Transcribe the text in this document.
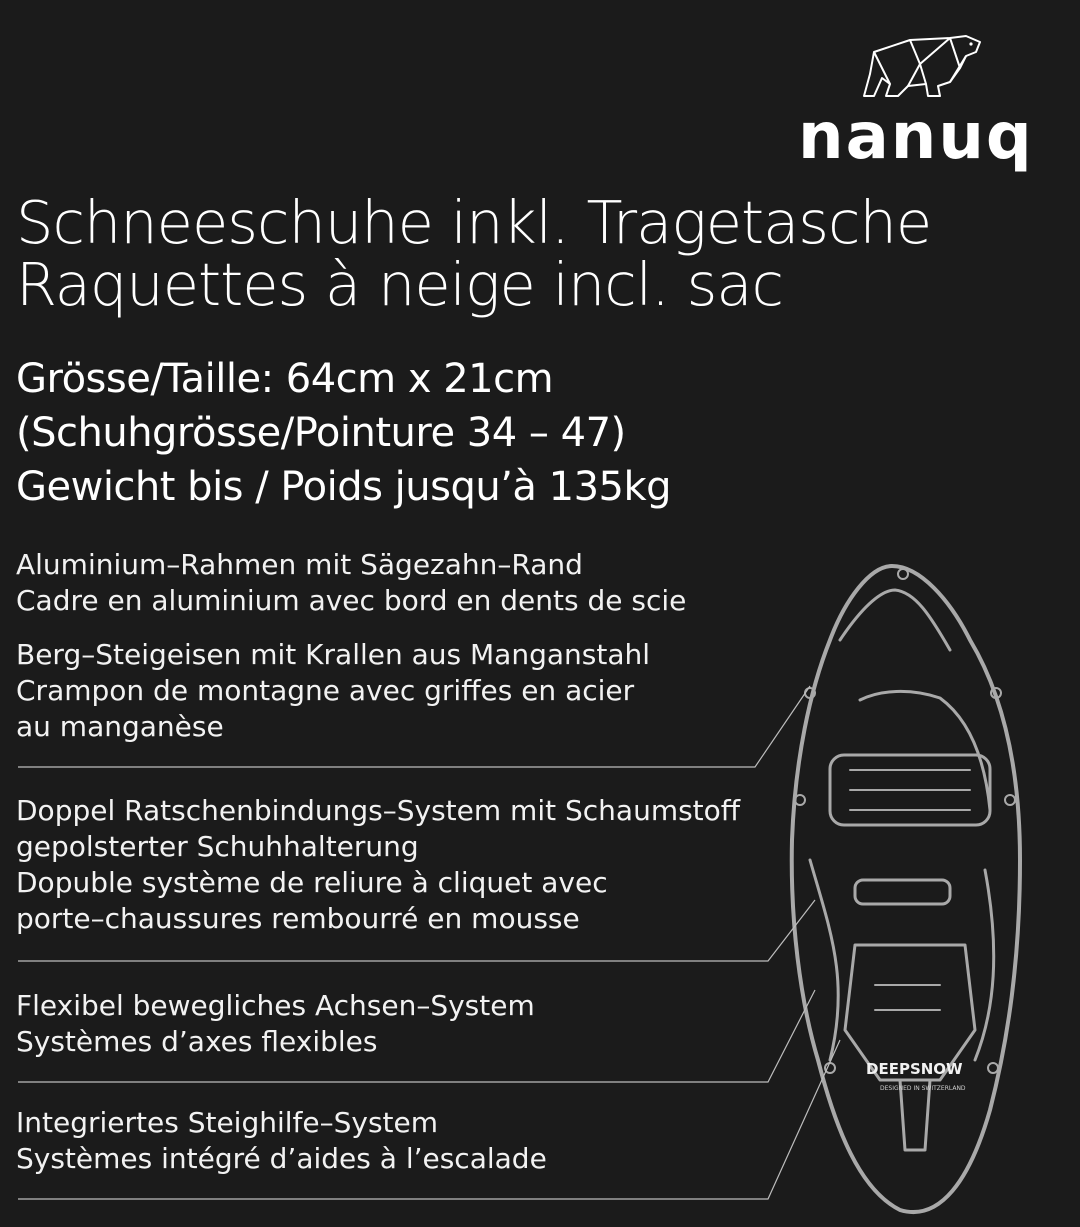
nanuq
Schneeschuhe inkl. Tragetasche
Raquettes à neige incl. sac
Grösse/Taille: 64cm x 21cm
(Schuhgrösse/Pointure 34 – 47)
Gewicht bis / Poids jusqu’à 135kg
DEEPSNOW
DESIGNED IN SWITZERLAND
Aluminium–Rahmen mit Sägezahn–Rand
Cadre en aluminium avec bord en dents de scie
Berg–Steigeisen mit Krallen aus Manganstahl
Crampon de montagne avec griffes en acier
au manganèse
Doppel Ratschenbindungs–System mit Schaumstoff
gepolsterter Schuhhalterung
Dopuble système de reliure à cliquet avec
porte–chaussures rembourré en mousse
Flexibel bewegliches Achsen–System
Systèmes d’axes flexibles
Integriertes Steighilfe–System
Systèmes intégré d’aides à l’escalade
